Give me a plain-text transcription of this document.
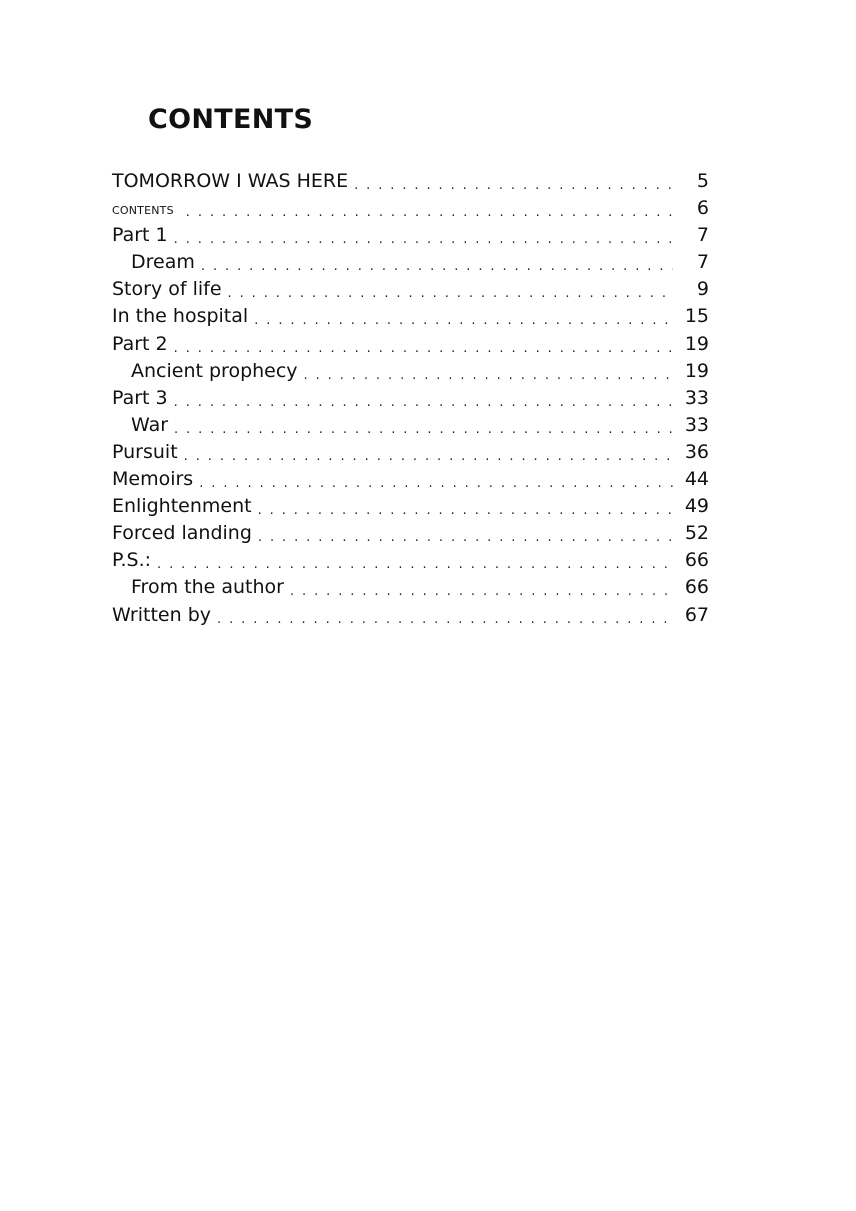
CONTENTS
TOMORROW I WAS HERE . . .	5
CONTENTS . . .	6
Part 1 . . .	7
Dream . . .	7
Story of life . . .	9
In the hospital . . .	15
Part 2 . . .	19
Ancient prophecy . . .	19
Part 3 . . .	33
War . . .	33
Pursuit . . .	36
Memoirs . . .	44
Enlightenment . . .	49
Forced landing . . .	52
P.S.: . . .	66
From the author . . .	66
Written by . . .	67
